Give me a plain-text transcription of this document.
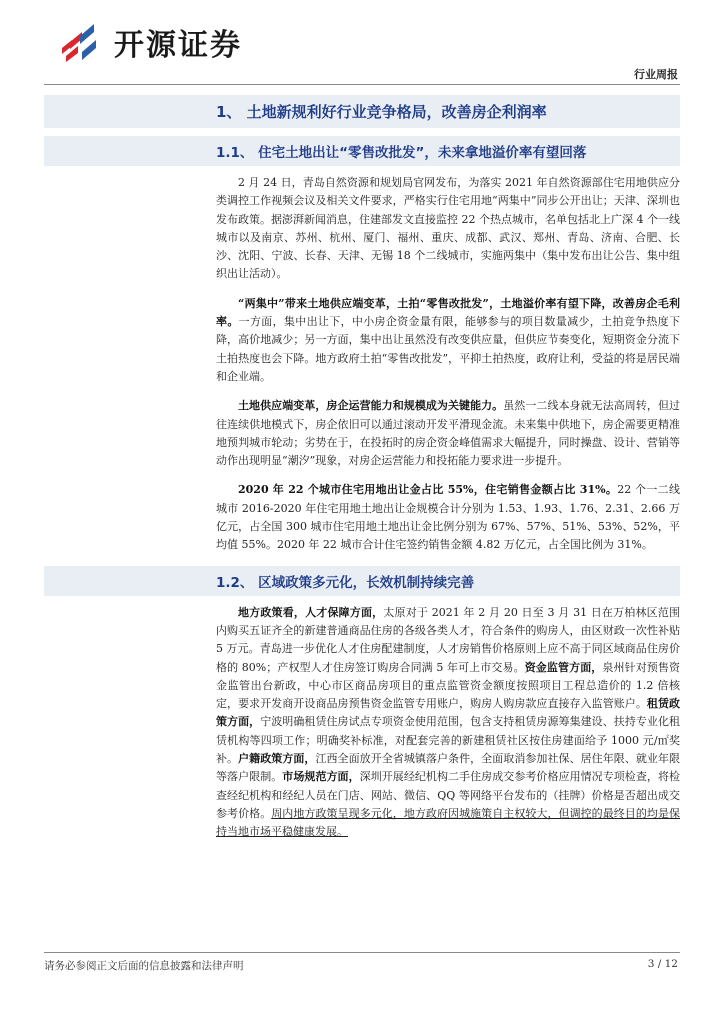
开源证券
行业周报
1、 土地新规利好行业竞争格局，改善房企利润率
1.1、 住宅土地出让“零售改批发”，未来拿地溢价率有望回落

2 月 24 日，青岛自然资源和规划局官网发布，为落实 2021 年自然资源部住宅用地供应分类调控工作视频会议及相关文件要求，严格实行住宅用地“两集中”同步公开出让；天津、深圳也发布政策。据澎湃新闻消息，住建部发文直接监控 22 个热点城市，名单包括北上广深 4 个一线城市以及南京、苏州、杭州、厦门、福州、重庆、成都、武汉、郑州、青岛、济南、合肥、长沙、沈阳、宁波、长春、天津、无锡 18 个二线城市，实施两集中（集中发布出让公告、集中组织出让活动）。

“两集中”带来土地供应端变革，土拍“零售改批发”，土地溢价率有望下降，改善房企毛利率。一方面，集中出让下，中小房企资金量有限，能够参与的项目数量减少，土拍竞争热度下降，高价地减少；另一方面，集中出让虽然没有改变供应量，但供应节奏变化，短期资金分流下土拍热度也会下降。地方政府土拍“零售改批发”，平抑土拍热度，政府让利，受益的将是居民端和企业端。

土地供应端变革，房企运营能力和规模成为关键能力。虽然一二线本身就无法高周转，但过往连续供地模式下，房企依旧可以通过滚动开发平滑现金流。未来集中供地下，房企需要更精准地预判城市轮动；劣势在于，在投拓时的房企资金峰值需求大幅提升，同时操盘、设计、营销等动作出现明显“潮汐”现象，对房企运营能力和投拓能力要求进一步提升。

2020 年 22 个城市住宅用地出让金占比 55%，住宅销售金额占比 31%。22 个一二线城市 2016-2020 年住宅用地土地出让金规模合计分别为 1.53、1.93、1.76、2.31、2.66 万亿元，占全国 300 城市住宅用地土地出让金比例分别为 67%、57%、51%、53%、52%，平均值 55%。2020 年 22 城市合计住宅签约销售金额 4.82 万亿元，占全国比例为 31%。

1.2、 区域政策多元化，长效机制持续完善

地方政策看，人才保障方面，太原对于 2021 年 2 月 20 日至 3 月 31 日在万柏林区范围内购买五证齐全的新建普通商品住房的各级各类人才，符合条件的购房人，由区财政一次性补贴 5 万元。青岛进一步优化人才住房配建制度，人才房销售价格原则上应不高于同区域商品住房价格的 80%；产权型人才住房签订购房合同满 5 年可上市交易。资金监管方面，泉州针对预售资金监管出台新政，中心市区商品房项目的重点监管资金额度按照项目工程总造价的 1.2 倍核定，要求开发商开设商品房预售资金监管专用账户，购房人购房款应直接存入监管账户。租赁政策方面，宁波明确租赁住房试点专项资金使用范围，包含支持租赁房源筹集建设、扶持专业化租赁机构等四项工作；明确奖补标准，对配套完善的新建租赁社区按住房建面给予 1000 元/㎡奖补。户籍政策方面，江西全面放开全省城镇落户条件，全面取消参加社保、居住年限、就业年限等落户限制。市场规范方面，深圳开展经纪机构二手住房成交参考价格应用情况专项检查，将检查经纪机构和经纪人员在门店、网站、微信、QQ 等网络平台发布的（挂牌）价格是否超出成交参考价格。周内地方政策呈现多元化，地方政府因城施策自主权较大，但调控的最终目的均是保持当地市场平稳健康发展。

请务必参阅正文后面的信息披露和法律声明	3 / 12
